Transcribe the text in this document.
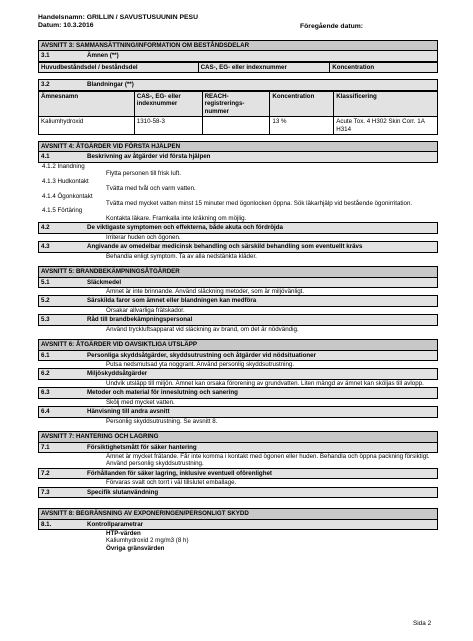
Handelsnamn: GRILLIN / SAVUSTUSUUNIN PESU
Datum: 10.3.2016	Föregående datum:
AVSNITT 3: SAMMANSÄTTNING/INFORMATION OM BESTÅNDSDELAR
3.1	Ämnen (**)
Huvudbeståndsdel / beståndsdel	CAS-, EG- eller indexnummer	Koncentration
3.2	Blandningar (**)
Ämnesnamn	CAS-, EG- eller indexnummer	REACH-registrerings-nummer	Koncentration	Klassificering
Kaliumhydroxid	1310-58-3		13 %	Acute Tox. 4 H302 Skin Corr. 1A H314
AVSNITT 4: ÅTGÄRDER VID FÖRSTA HJÄLPEN
4.1	Beskrivning av åtgärder vid första hjälpen
4.1.2 Inandning
Flytta personen till frisk luft.
4.1.3 Hudkontakt
Tvätta med tvål och varm vatten.
4.1.4 Ögonkontakt
Tvätta med mycket vatten minst 15 minuter med ögonlocken öppna. Sök läkarhjälp vid bestående ögonirritation.
4.1.5 Förtäring
Kontakta läkare. Framkalla inte kräkning om möjlig.
4.2	De viktigaste symptomen och effekterna, både akuta och fördröjda
Irriterar huden och ögonen.
4.3	Angivande av omedelbar medicinsk behandling och särskild behandling som eventuellt krävs
Behandla enligt symptom. Ta av alla nedstänkta kläder.
AVSNITT 5: BRANDBEKÄMPNINGSÅTGÄRDER
5.1	Släckmedel
Ämnet är inte brinnande. Använd släckning metoder, som är miljövänligt.
5.2	Särskilda faror som ämnet eller blandningen kan medföra
Orsakar allvarliga frätskador.
5.3	Råd till brandbekämpningspersonal
Använd tryckluftsapparat vid släckning av brand, om det är nödvändig.
AVSNITT 6: ÅTGÄRDER VID OAVSIKTLIGA UTSLÄPP
6.1	Personliga skyddsåtgärder, skyddsutrustning och åtgärder vid nödsituationer
Putsa nedsmutsad yta noggrant. Använd personlig skyddsutrustning.
6.2	Miljöskyddsåtgärder
Undvik utsläpp till miljön. Ämnet kan orsaka förorening av grundvatten. Liten mängd av ämnet kan sköljas till avlopp.
6.3	Metoder och material för inneslutning och sanering
Skölj med mycket vatten.
6.4	Hänvisning till andra avsnitt
Personlig skyddsutrustning. Se avsnitt 8.
AVSNITT 7: HANTERING OCH LAGRING
7.1	Försiktighetsmått för säker hantering
Ämnet är mycket frätande. Får inte komma i kontakt med ögonen eller huden. Behandla och öppna packning försiktigt. Använd personlig skyddsutrustning.
7.2	Förhållanden för säker lagring, inklusive eventuell oförenlighet
Förvaras svalt och torrt i väl tillslutet emballage.
7.3	Specifik slutanvändning
AVSNITT 8: BEGRÄNSNING AV EXPONERINGEN/PERSONLIGT SKYDD
8.1.	Kontrollparametrar
HTP-värden
Kaliumhydroxid 2 mg/m3 (8 h)
Övriga gränsvärden
Sida 2
